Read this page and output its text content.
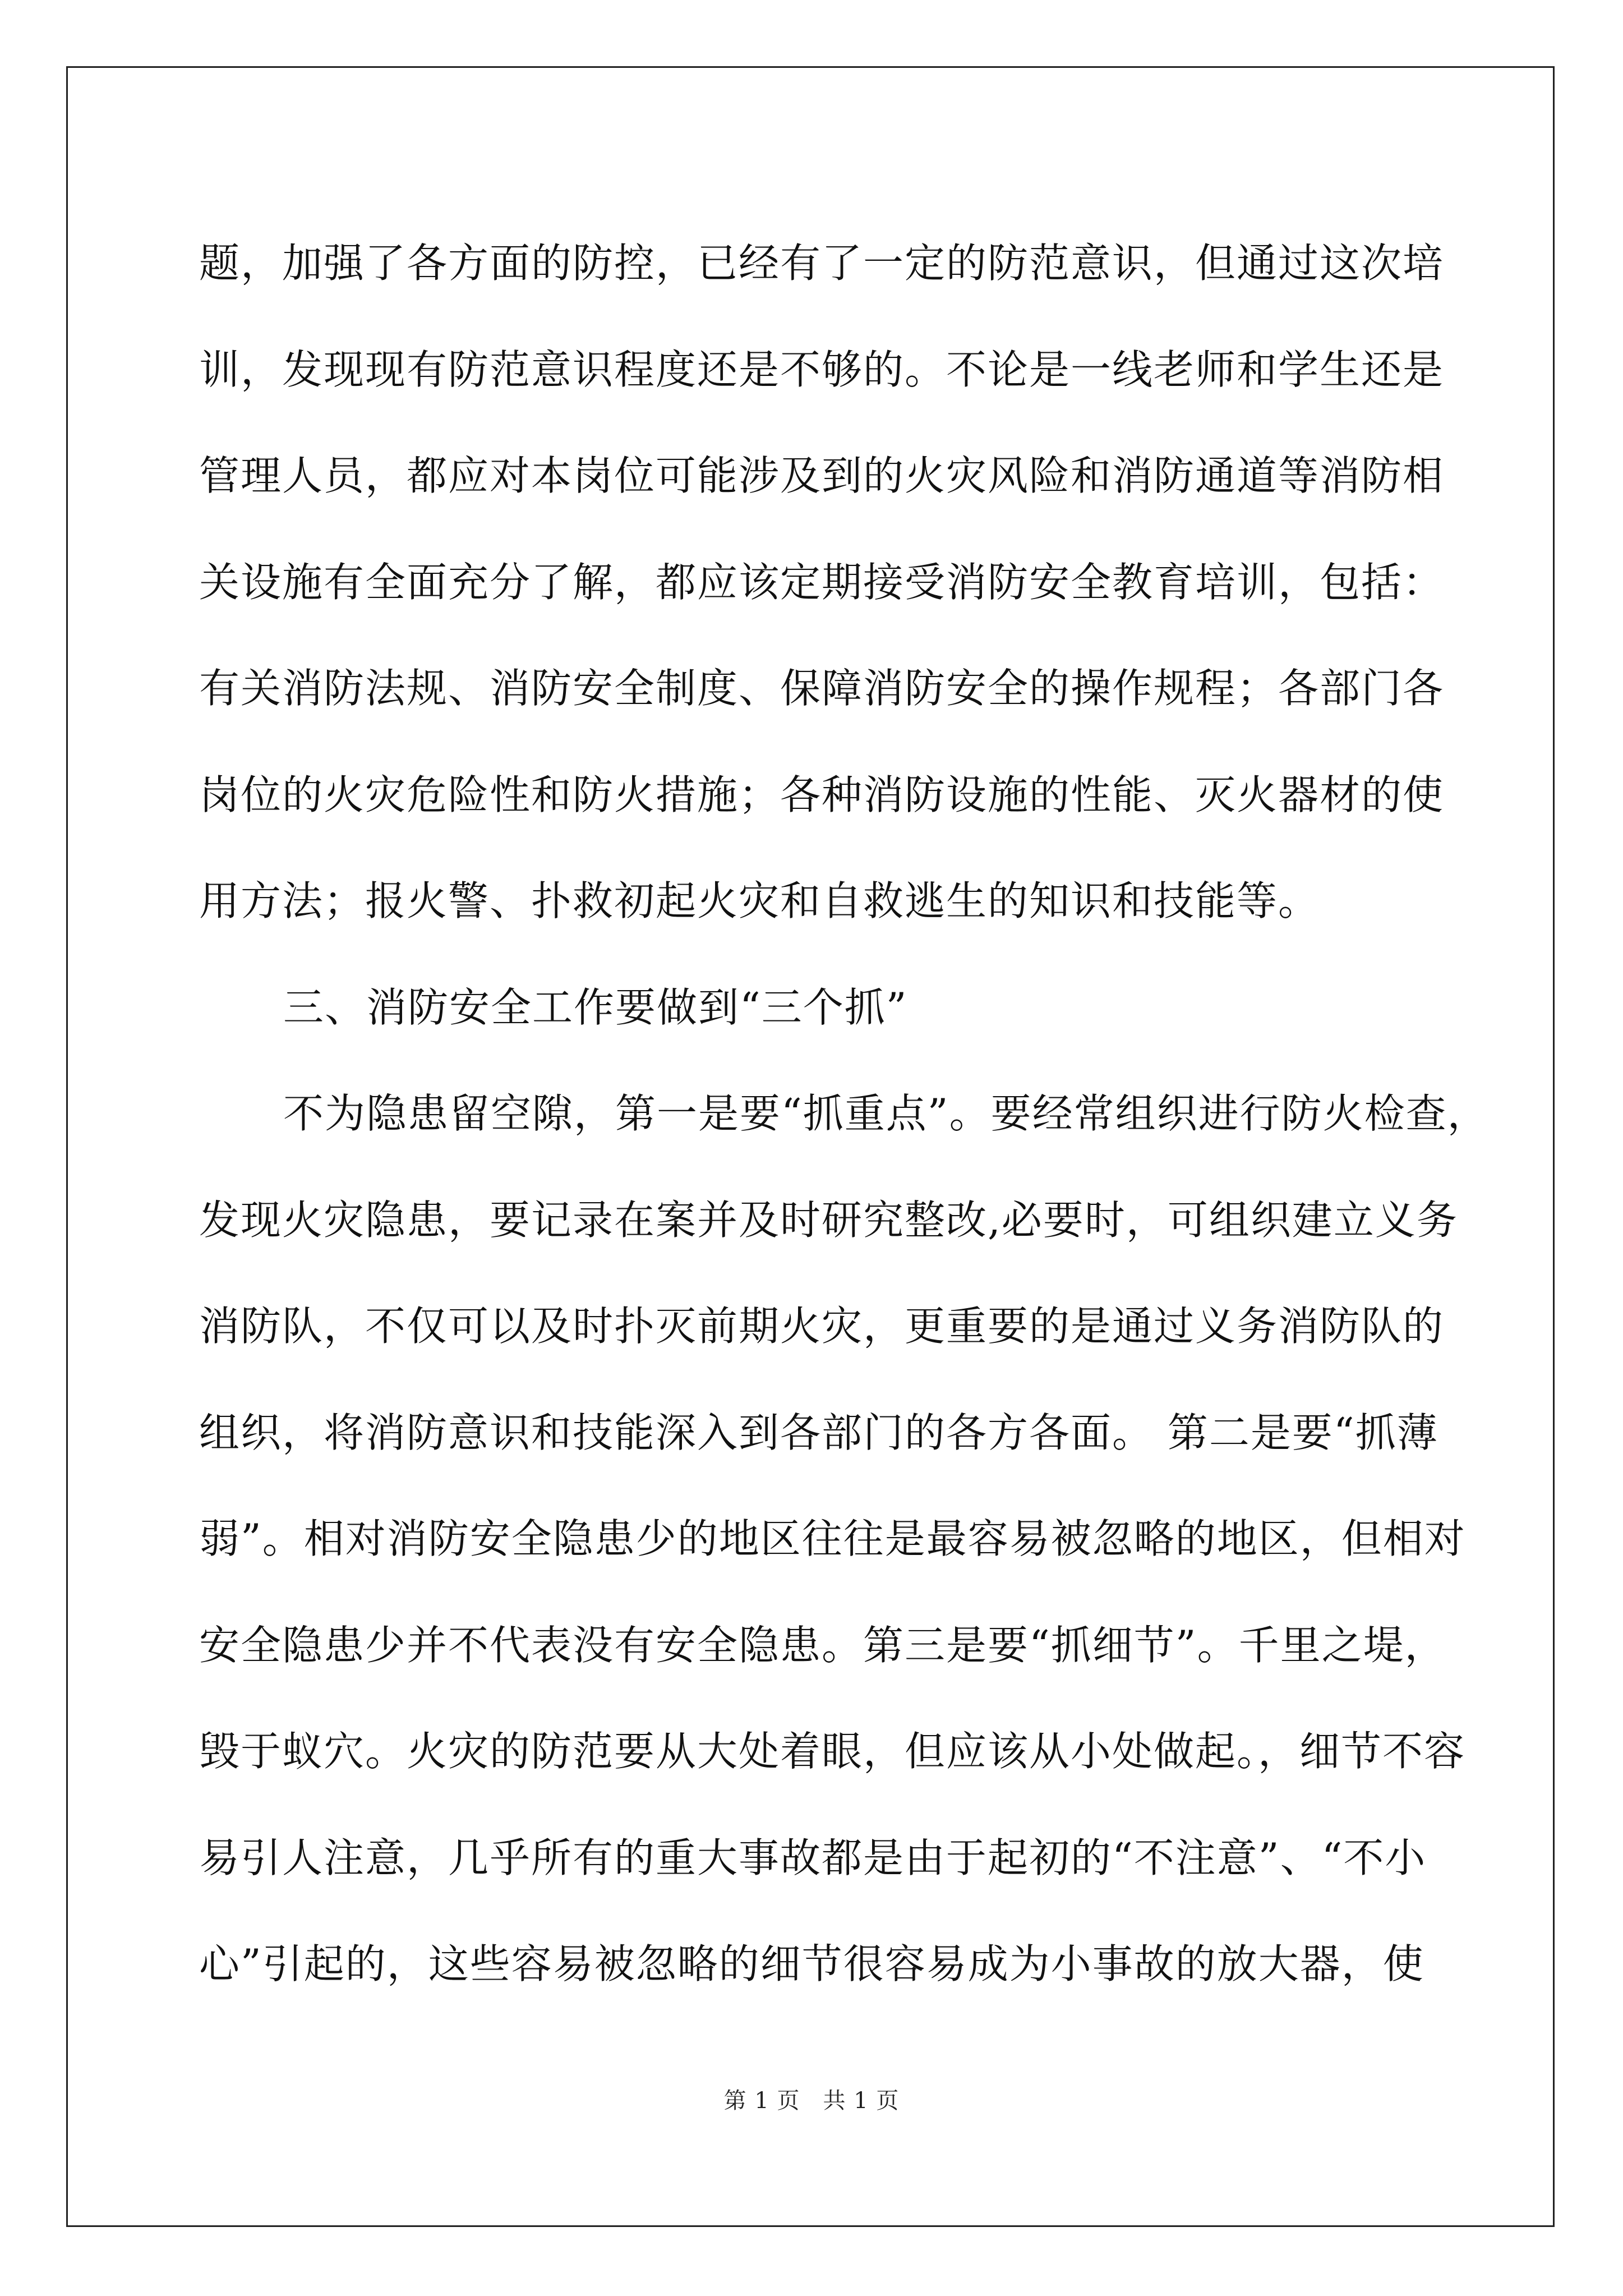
题，加强了各方面的防控，已经有了一定的防范意识，但通过这次培
训，发现现有防范意识程度还是不够的。不论是一线老师和学生还是
管理人员，都应对本岗位可能涉及到的火灾风险和消防通道等消防相
关设施有全面充分了解，都应该定期接受消防安全教育培训，包括：
有关消防法规、消防安全制度、保障消防安全的操作规程；各部门各
岗位的火灾危险性和防火措施；各种消防设施的性能、灭火器材的使
用方法；报火警、扑救初起火灾和自救逃生的知识和技能等。
三、消防安全工作要做到“三个抓”
不为隐患留空隙，第一是要“抓重点”。要经常组织进行防火检查，
发现火灾隐患，要记录在案并及时研究整改,必要时，可组织建立义务
消防队，不仅可以及时扑灭前期火灾，更重要的是通过义务消防队的
组织，将消防意识和技能深入到各部门的各方各面。 第二是要“抓薄
弱”。相对消防安全隐患少的地区往往是最容易被忽略的地区，但相对
安全隐患少并不代表没有安全隐患。第三是要“抓细节”。千里之堤，
毁于蚁穴。火灾的防范要从大处着眼，但应该从小处做起。，细节不容
易引人注意，几乎所有的重大事故都是由于起初的“不注意”、“不小
心”引起的，这些容易被忽略的细节很容易成为小事故的放大器，使
第 1 页　共 1 页
